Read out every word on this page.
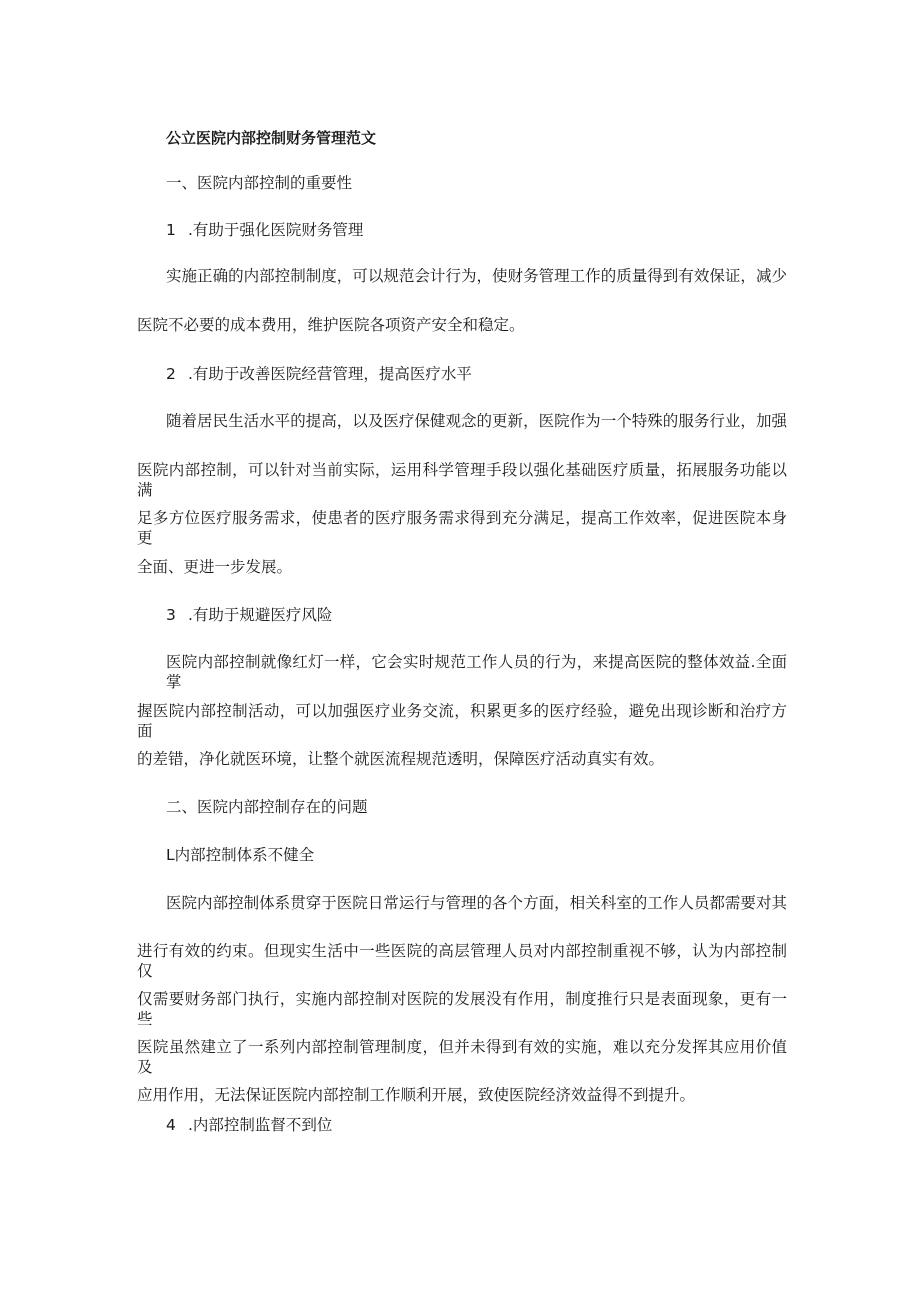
公立医院内部控制财务管理范文
一、医院内部控制的重要性
1 .有助于强化医院财务管理
实施正确的内部控制制度，可以规范会计行为，使财务管理工作的质量得到有效保证，减少
医院不必要的成本费用，维护医院各项资产安全和稳定。
2 .有助于改善医院经营管理，提高医疗水平
随着居民生活水平的提高，以及医疗保健观念的更新，医院作为一个特殊的服务行业，加强
医院内部控制，可以针对当前实际，运用科学管理手段以强化基础医疗质量，拓展服务功能以满
足多方位医疗服务需求，使患者的医疗服务需求得到充分满足，提高工作效率，促进医院本身更
全面、更进一步发展。
3 .有助于规避医疗风险
医院内部控制就像红灯一样，它会实时规范工作人员的行为，来提高医院的整体效益.全面掌
握医院内部控制活动，可以加强医疗业务交流，积累更多的医疗经验，避免出现诊断和治疗方面
的差错，净化就医环境，让整个就医流程规范透明，保障医疗活动真实有效。
二、医院内部控制存在的问题
L内部控制体系不健全
医院内部控制体系贯穿于医院日常运行与管理的各个方面，相关科室的工作人员都需要对其
进行有效的约束。但现实生活中一些医院的高层管理人员对内部控制重视不够，认为内部控制仅
仅需要财务部门执行，实施内部控制对医院的发展没有作用，制度推行只是表面现象，更有一些
医院虽然建立了一系列内部控制管理制度，但并未得到有效的实施，难以充分发挥其应用价值及
应用作用，无法保证医院内部控制工作顺利开展，致使医院经济效益得不到提升。
4 .内部控制监督不到位
